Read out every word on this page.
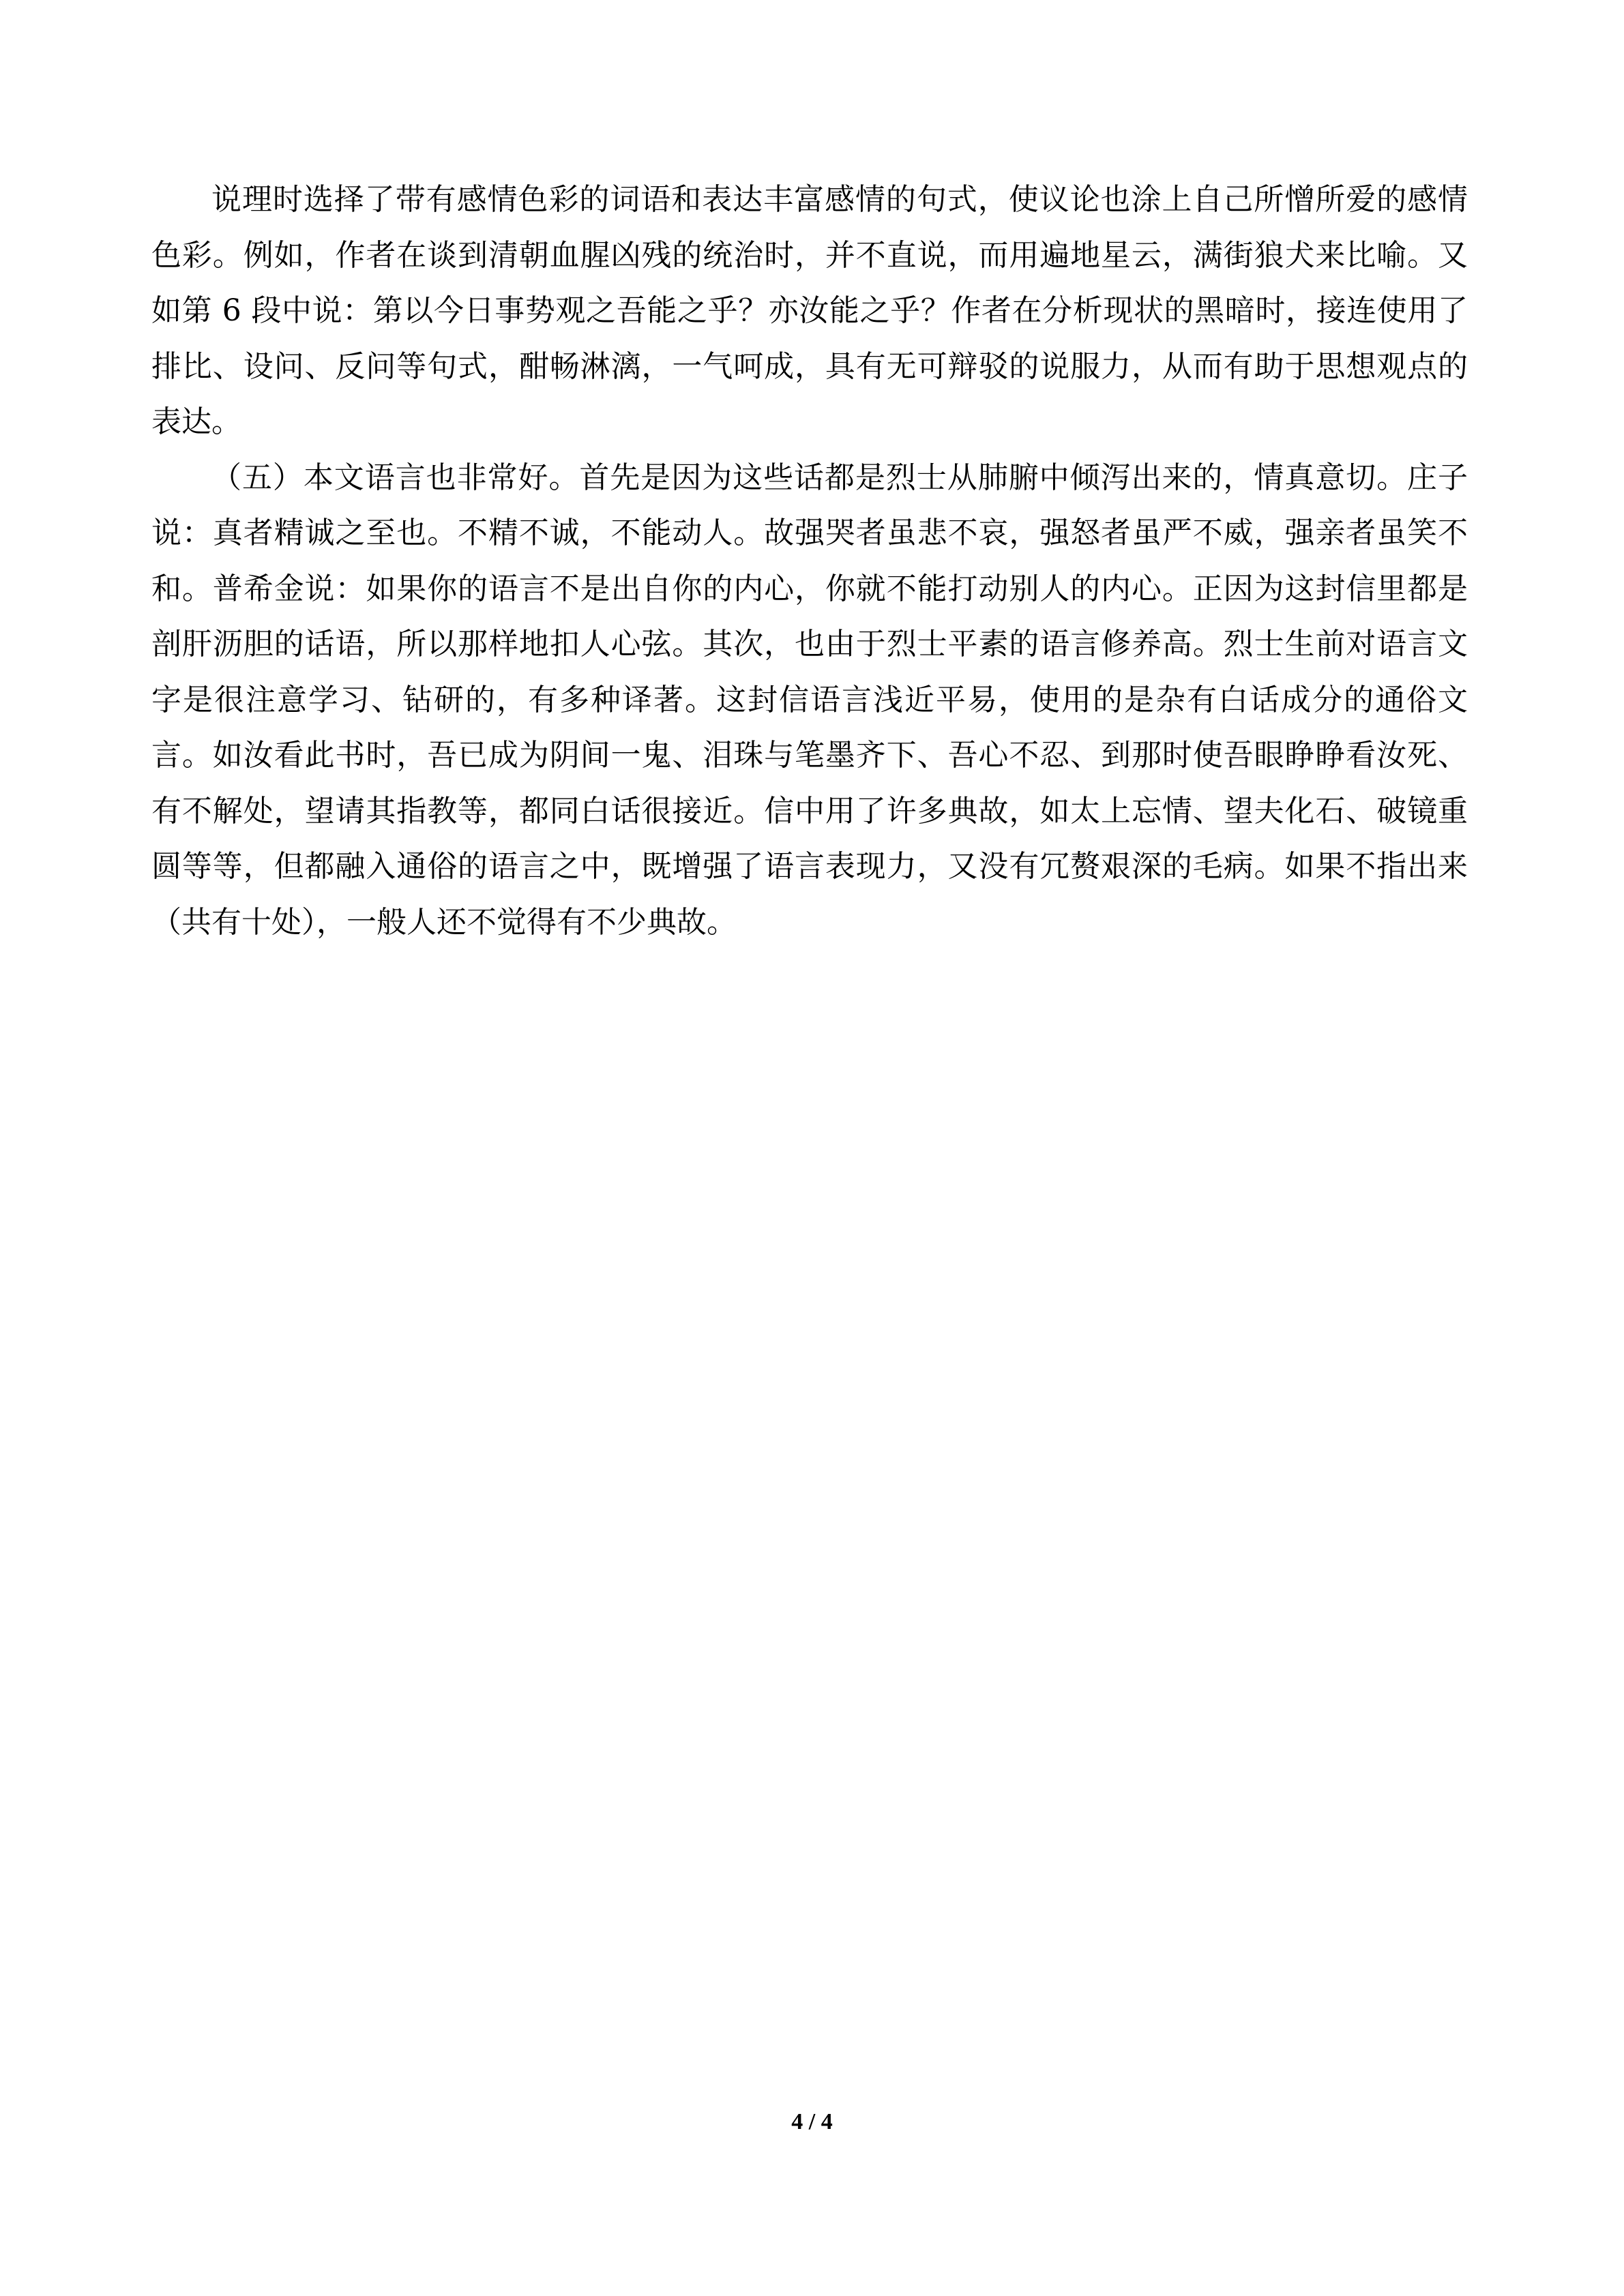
说理时选择了带有感情色彩的词语和表达丰富感情的句式，使议论也涂上自己所憎所爱的感情色彩。例如，作者在谈到清朝血腥凶残的统治时，并不直说，而用遍地星云，满街狼犬来比喻。又如第 6 段中说：第以今日事势观之吾能之乎？亦汝能之乎？作者在分析现状的黑暗时，接连使用了排比、设问、反问等句式，酣畅淋漓，一气呵成，具有无可辩驳的说服力，从而有助于思想观点的表达。

（五）本文语言也非常好。首先是因为这些话都是烈士从肺腑中倾泻出来的，情真意切。庄子说：真者精诚之至也。不精不诚，不能动人。故强哭者虽悲不哀，强怒者虽严不威，强亲者虽笑不和。普希金说：如果你的语言不是出自你的内心，你就不能打动别人的内心。正因为这封信里都是剖肝沥胆的话语，所以那样地扣人心弦。其次，也由于烈士平素的语言修养高。烈士生前对语言文字是很注意学习、钻研的，有多种译著。这封信语言浅近平易，使用的是杂有白话成分的通俗文言。如汝看此书时，吾已成为阴间一鬼、泪珠与笔墨齐下、吾心不忍、到那时使吾眼睁睁看汝死、有不解处，望请其指教等，都同白话很接近。信中用了许多典故，如太上忘情、望夫化石、破镜重圆等等，但都融入通俗的语言之中，既增强了语言表现力，又没有冗赘艰深的毛病。如果不指出来（共有十处），一般人还不觉得有不少典故。

4 / 4
